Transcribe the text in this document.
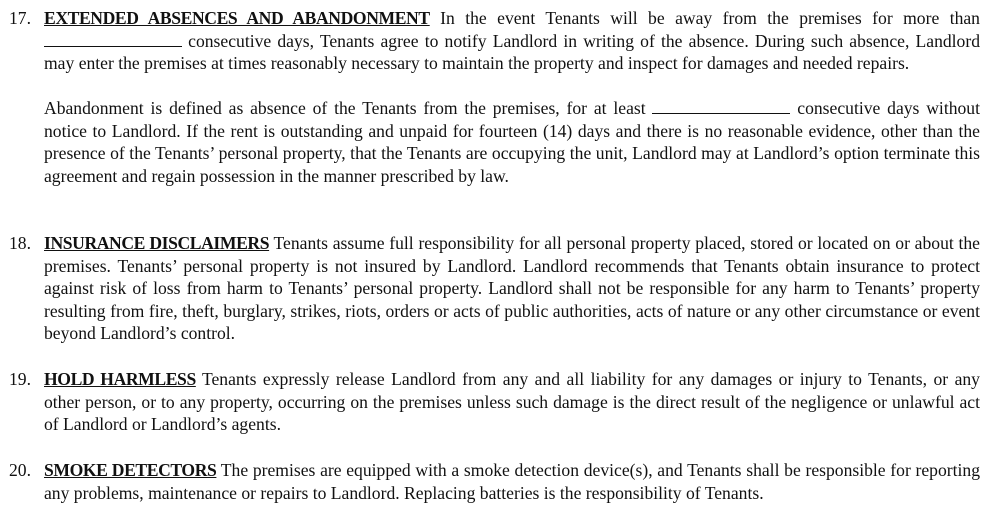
17. EXTENDED ABSENCES AND ABANDONMENT In the event Tenants will be away from the premises for more than  consecutive days, Tenants agree to notify Landlord in writing of the absence. During such absence, Landlord may enter the premises at times reasonably necessary to maintain the property and inspect for damages and needed repairs.

Abandonment is defined as absence of the Tenants from the premises, for at least	consecutive days without notice to Landlord. If the rent is outstanding and unpaid for fourteen (14) days and there is no reasonable evidence, other than the presence of the Tenants’ personal property, that the Tenants are occupying the unit, Landlord may at Landlord’s option terminate this agreement and regain possession in the manner prescribed by law.

18. INSURANCE DISCLAIMERS Tenants assume full responsibility for all personal property placed, stored or located on or about the premises. Tenants’ personal property is not insured by Landlord. Landlord recommends that Tenants obtain insurance to protect against risk of loss from harm to Tenants’ personal property. Landlord shall not be responsible for any harm to Tenants’ property resulting from fire, theft, burglary, strikes, riots, orders or acts of public authorities, acts of nature or any other circumstance or event beyond Landlord’s control.

19. HOLD HARMLESS Tenants expressly release Landlord from any and all liability for any damages or injury to Tenants, or any other person, or to any property, occurring on the premises unless such damage is the direct result of the negligence or unlawful act of Landlord or Landlord’s agents.

20. SMOKE DETECTORS The premises are equipped with a smoke detection device(s), and Tenants shall be responsible for reporting any problems, maintenance or repairs to Landlord. Replacing batteries is the responsibility of Tenants.
